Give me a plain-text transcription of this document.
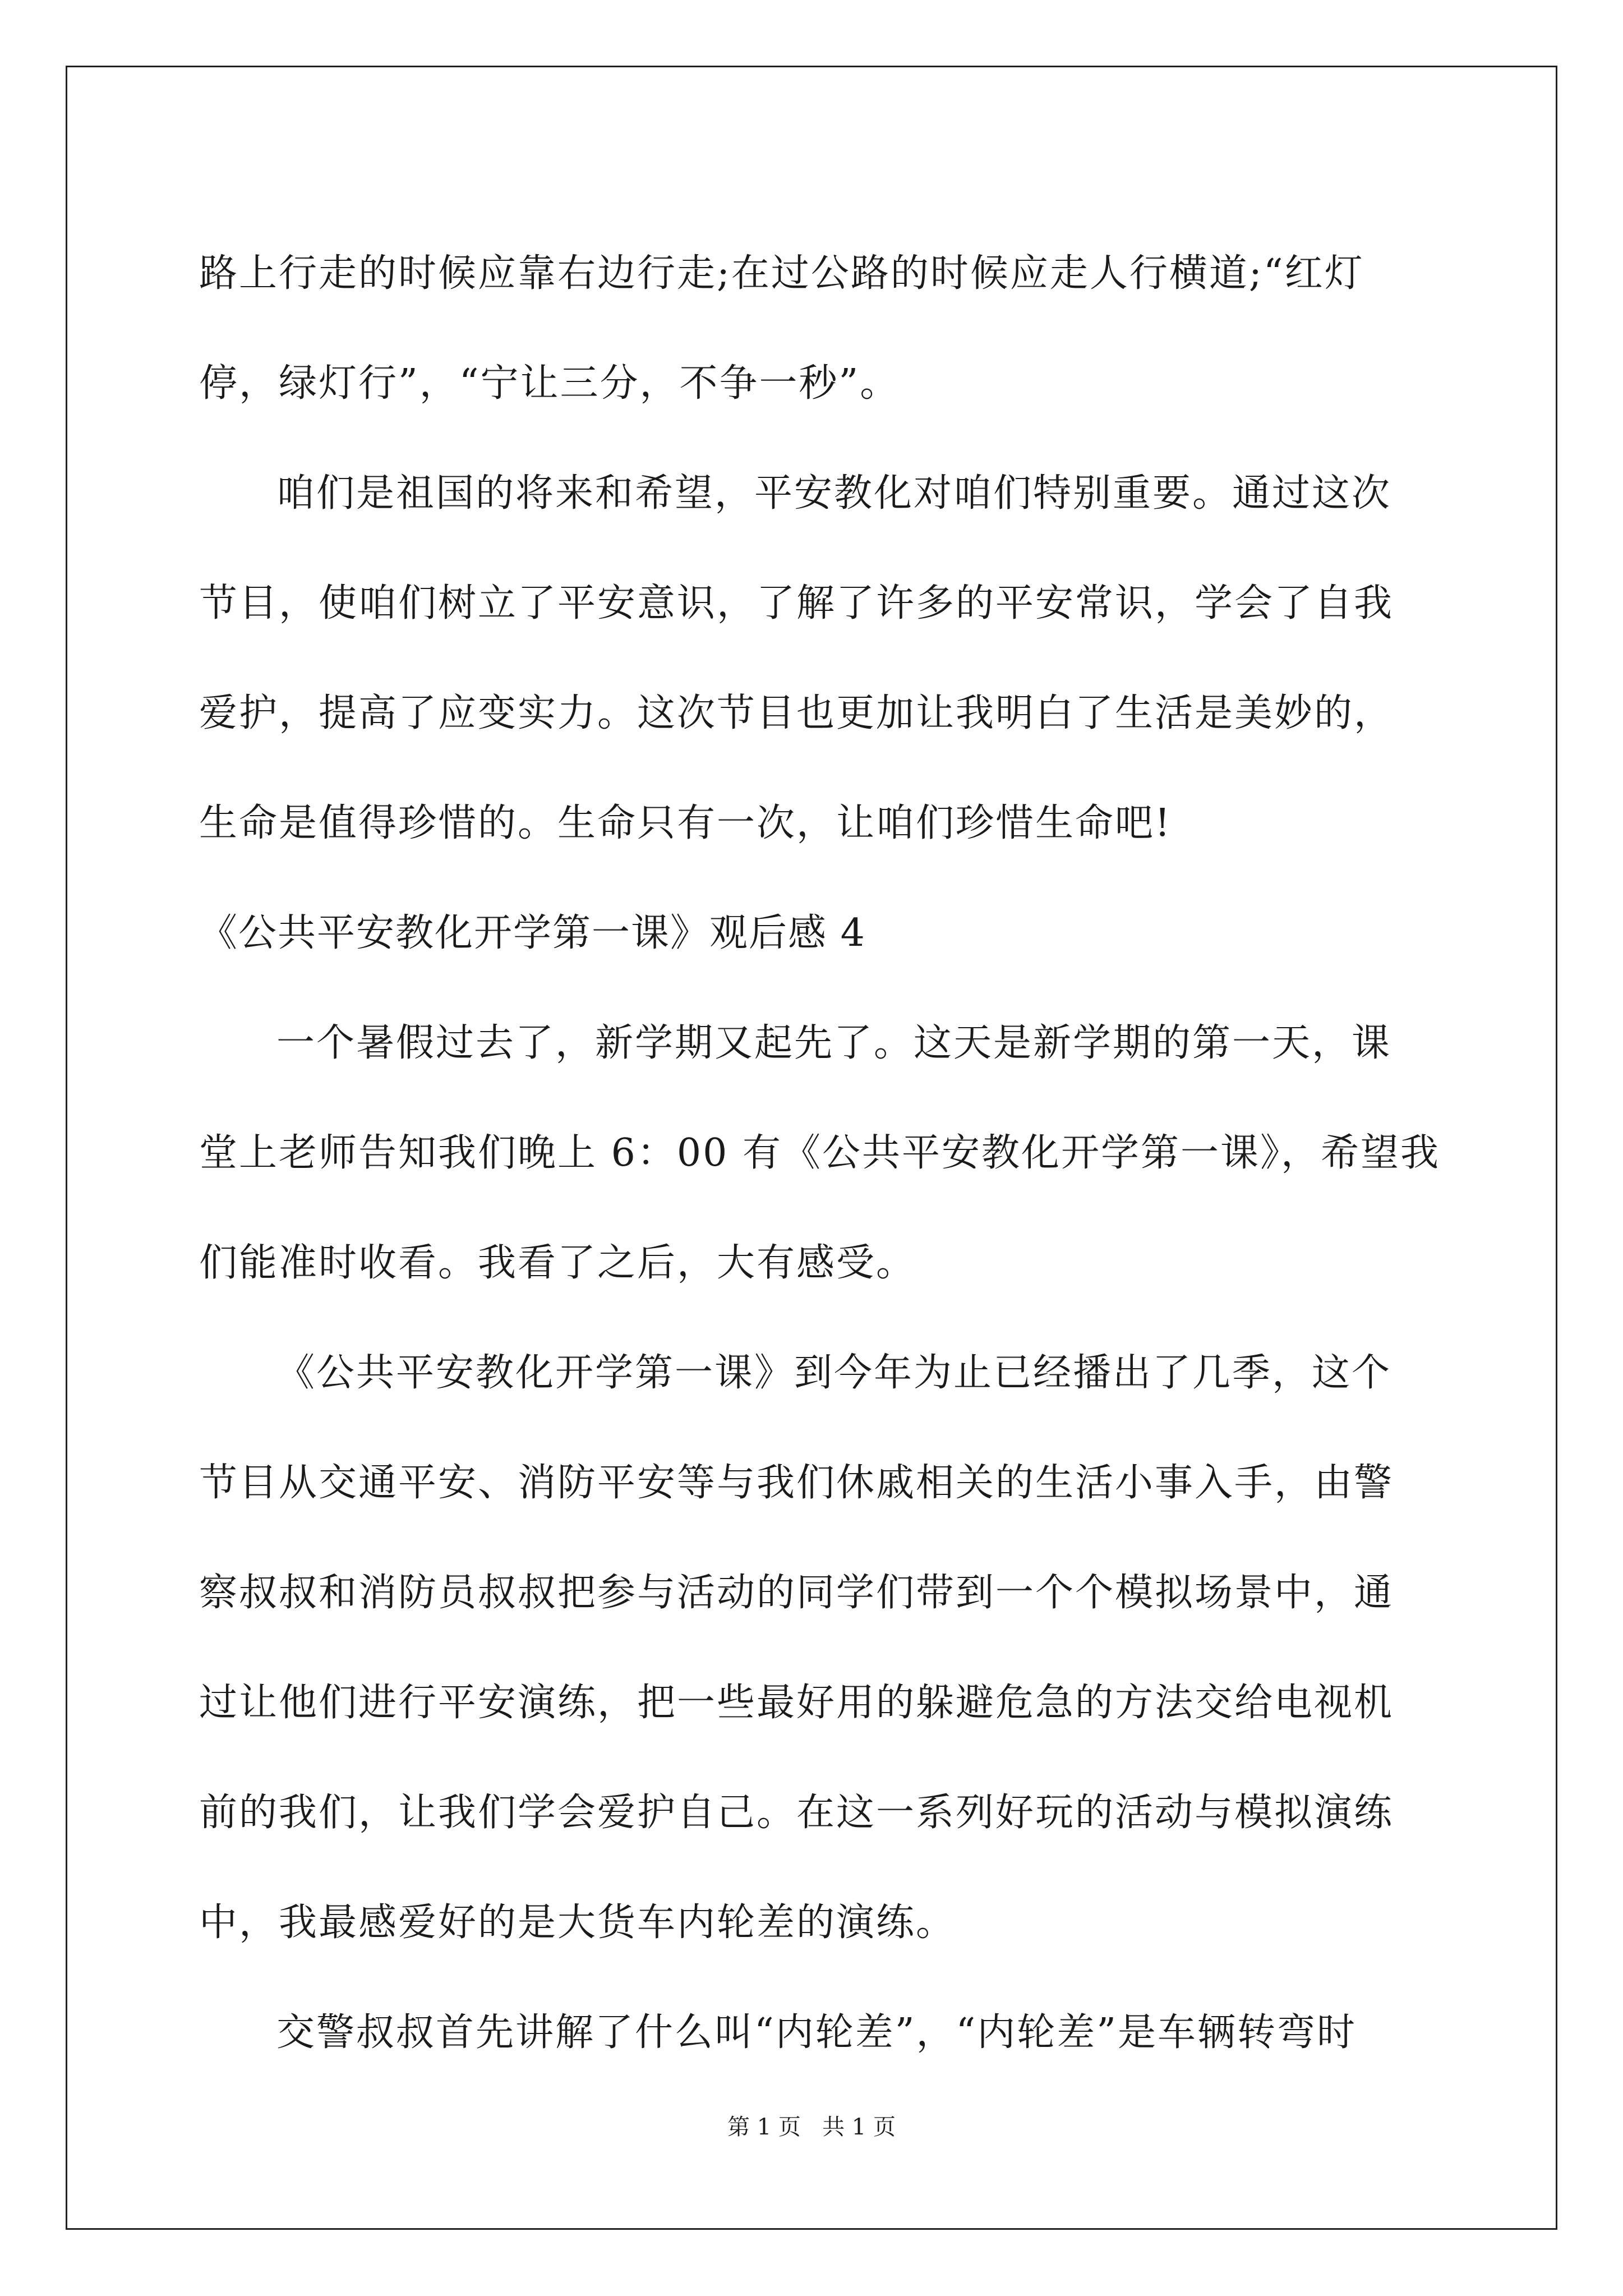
路上行走的时候应靠右边行走;在过公路的时候应走人行横道;“红灯
停，绿灯行”，“宁让三分，不争一秒”。

咱们是祖国的将来和希望，平安教化对咱们特别重要。通过这次
节目，使咱们树立了平安意识，了解了许多的平安常识，学会了自我
爱护，提高了应变实力。这次节目也更加让我明白了生活是美妙的，
生命是值得珍惜的。生命只有一次，让咱们珍惜生命吧!

《公共平安教化开学第一课》观后感 4

一个暑假过去了，新学期又起先了。这天是新学期的第一天，课
堂上老师告知我们晚上 6：00 有《公共平安教化开学第一课》，希望我
们能准时收看。我看了之后，大有感受。

《公共平安教化开学第一课》到今年为止已经播出了几季，这个
节目从交通平安、消防平安等与我们休戚相关的生活小事入手，由警
察叔叔和消防员叔叔把参与活动的同学们带到一个个模拟场景中，通
过让他们进行平安演练，把一些最好用的躲避危急的方法交给电视机
前的我们，让我们学会爱护自己。在这一系列好玩的活动与模拟演练
中，我最感爱好的是大货车内轮差的演练。

交警叔叔首先讲解了什么叫“内轮差”，“内轮差”是车辆转弯时

第 1 页   共 1 页
